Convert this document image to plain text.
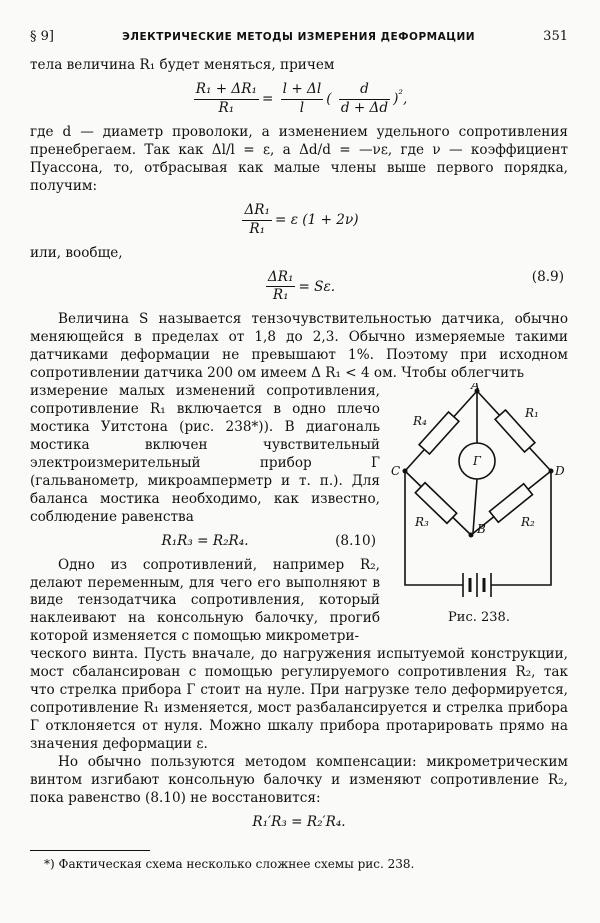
§ 9]	ЭЛЕКТРИЧЕСКИЕ МЕТОДЫ ИЗМЕРЕНИЯ ДЕФОРМАЦИИ	351

тела величина R₁ будет меняться, причем

$\frac{\text{R₁ + ΔR₁}}{\text{R₁}} = \frac{l + \Delta l}{l}$ ( $\frac{d}{d + \Delta d} )^{^2}$,

где d — диаметр проволоки, а изменением удельного сопротивления пренебрегаем. Так как Δl/l = ε, а Δd/d = —νε, где ν — коэффициент Пуассона, то, отбрасывая как малые члены выше первого порядка, получим:

$\frac{\text{ΔR₁}}{\text{R₁}} = \varepsilon$ (1 + 2ν)

или, вообще,

$\frac{\text{ΔR₁}}{\text{R₁}} = S\varepsilon$.
(8.9)

Величина S называется тензочувствительностью датчика, обычно меняющейся в пределах от 1,8 до 2,3. Обычно измеряемые такими датчиками деформации не превышают 1%. Поэтому при исходном сопротивлении датчика 200 ом имеем Δ R₁ < 4 ом. Чтобы облегчить

измерение малых изменений сопротивления, сопротивление R₁ включается в одно плечо мостика Уитстона (рис. 238*)). В диагональ мостика включен чувствительный электроизмерительный прибор Г (гальванометр, микроамперметр и т. п.). Для баланса мостика необходимо, как известно, соблюдение равенства

R₁R₃ = R₂R₄.	(8.10)

Одно из сопротивлений, например R₂, делают переменным, для чего его выполняют в виде тензодатчика сопротивления, который наклеивают на консольную балочку, прогиб которой изменяется с помощью микрометри-

A
B
C	D
R₄
R₁
R₃	R₂
Г
Рис. 238.

ческого винта. Пусть вначале, до нагружения испытуемой конструкции, мост сбалансирован с помощью регулируемого сопротивления R₂, так что стрелка прибора Г стоит на нуле. При нагрузке тело деформируется, сопротивление R₁ изменяется, мост разбалансируется и стрелка прибора Г отклоняется от нуля. Можно шкалу прибора протарировать прямо на значения деформации ε.

Но обычно пользуются методом компенсации: микрометрическим винтом изгибают консольную балочку и изменяют сопротивление R₂, пока равенство (8.10) не восстановится:

R₁′R₃ = R₂′R₄.
*) Фактическая схема несколько сложнее схемы рис. 238.
